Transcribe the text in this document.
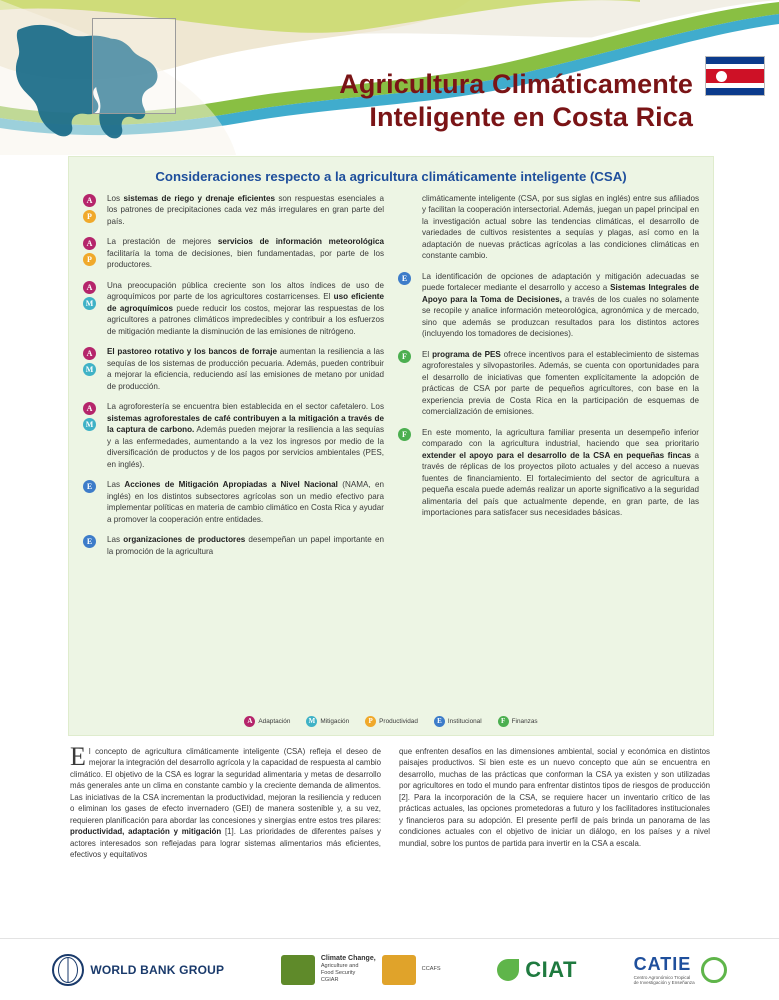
Agricultura Climáticamente
Inteligente en Costa Rica
Consideraciones respecto a la agricultura climáticamente inteligente (CSA)
A
P
Los sistemas de riego y drenaje eficientes son respuestas esenciales a los patrones de precipitaciones cada vez más irregulares en gran parte del país.
A
P
La prestación de mejores servicios de información meteorológica facilitaría la toma de decisiones, bien fundamentadas, por parte de los productores.
A
M
Una preocupación pública creciente son los altos índices de uso de agroquímicos por parte de los agricultores costarricenses. El uso eficiente de agroquímicos puede reducir los costos, mejorar las respuestas de los agricultores a patrones climáticos impredecibles y contribuir a los esfuerzos de mitigación mediante la disminución de las emisiones de nitrógeno.
A
M
El pastoreo rotativo y los bancos de forraje aumentan la resiliencia a las sequías de los sistemas de producción pecuaria. Además, pueden contribuir a mejorar la eficiencia, reduciendo así las emisiones de metano por unidad de producción.
A
M
La agroforestería se encuentra bien establecida en el sector cafetalero. Los sistemas agroforestales de café contribuyen a la mitigación a través de la captura de carbono. Además pueden mejorar la resiliencia a las sequías y a las enfermedades, aumentando a la vez los ingresos por medio de la diversificación de productos y de los pagos por servicios ambientales (PES, en inglés).
E	Las Acciones de Mitigación Apropiadas a Nivel Nacional (NAMA, en inglés) en los distintos subsectores agrícolas son un medio efectivo para implementar políticas en materia de cambio climático en Costa Rica y ayudar a promover la cooperación entre entidades.
E	Las organizaciones de productores desempeñan un papel importante en la promoción de la agricultura
climáticamente inteligente (CSA, por sus siglas en inglés) entre sus afiliados y facilitan la cooperación intersectorial. Además, juegan un papel principal en la investigación actual sobre las tendencias climáticas, el desarrollo de variedades de cultivos resistentes a sequías y plagas, así como en la adaptación de nuevas prácticas agrícolas a las condiciones climáticas en constante cambio.
E	La identificación de opciones de adaptación y mitigación adecuadas se puede fortalecer mediante el desarrollo y acceso a Sistemas Integrales de Apoyo para la Toma de Decisiones, a través de los cuales no solamente se recopile y analice información meteorológica, agronómica y de mercado, sino que además se produzcan resultados para los distintos actores (incluyendo los tomadores de decisiones).
F	El programa de PES ofrece incentivos para el establecimiento de sistemas agroforestales y silvopastoriles. Además, se cuenta con oportunidades para el desarrollo de iniciativas que fomenten explícitamente la adopción de prácticas de CSA por parte de pequeños agricultores, con base en la experiencia previa de Costa Rica en la participación de esquemas de comercialización de emisiones.
F	En este momento, la agricultura familiar presenta un desempeño inferior comparado con la agricultura industrial, haciendo que sea prioritario extender el apoyo para el desarrollo de la CSA en pequeñas fincas a través de réplicas de los proyectos piloto actuales y del acceso a nuevas fuentes de financiamiento. El fortalecimiento del sector de agricultura a pequeña escala puede además realizar un aporte significativo a la seguridad alimentaria del país que actualmente depende, en gran parte, de las importaciones para satisfacer sus necesidades básicas.
A Adaptación	M Mitigación	P Productividad	E Institucional	F Finanzas

El concepto de agricultura climáticamente inteligente (CSA) refleja el deseo de mejorar la integración del desarrollo agrícola y la capacidad de respuesta al cambio climático. El objetivo de la CSA es lograr la seguridad alimentaria y metas de desarrollo más generales ante un clima en constante cambio y la creciente demanda de alimentos. Las iniciativas de la CSA incrementan la productividad, mejoran la resiliencia y reducen o eliminan los gases de efecto invernadero (GEI) de manera sostenible y, a su vez, requieren planificación para abordar las concesiones y sinergias entre estos tres pilares: productividad, adaptación y mitigación [1]. Las prioridades de diferentes países y actores interesados son reflejadas para lograr sistemas alimentarios más eficientes, efectivos y equitativos

que enfrenten desafíos en las dimensiones ambiental, social y económica en distintos paisajes productivos. Si bien este es un nuevo concepto que aún se encuentra en desarrollo, muchas de las prácticas que conforman la CSA ya existen y son utilizadas por agricultores en todo el mundo para enfrentar distintos tipos de riesgos de producción [2]. Para la incorporación de la CSA, se requiere hacer un inventario crítico de las prácticas actuales, las opciones prometedoras a futuro y los facilitadores institucionales y financieros para su adopción. El presente perfil de país brinda un panorama de las condiciones actuales con el objetivo de iniciar un diálogo, en los países y a nivel mundial, sobre los puntos de partida para invertir en la CSA a escala.

WORLD BANK GROUP
Climate Change,
Agriculture and
Food Security
CGIAR
CCAFS	CIAT	CATIE
Centro Agronómico Tropical
de Investigación y Enseñanza
